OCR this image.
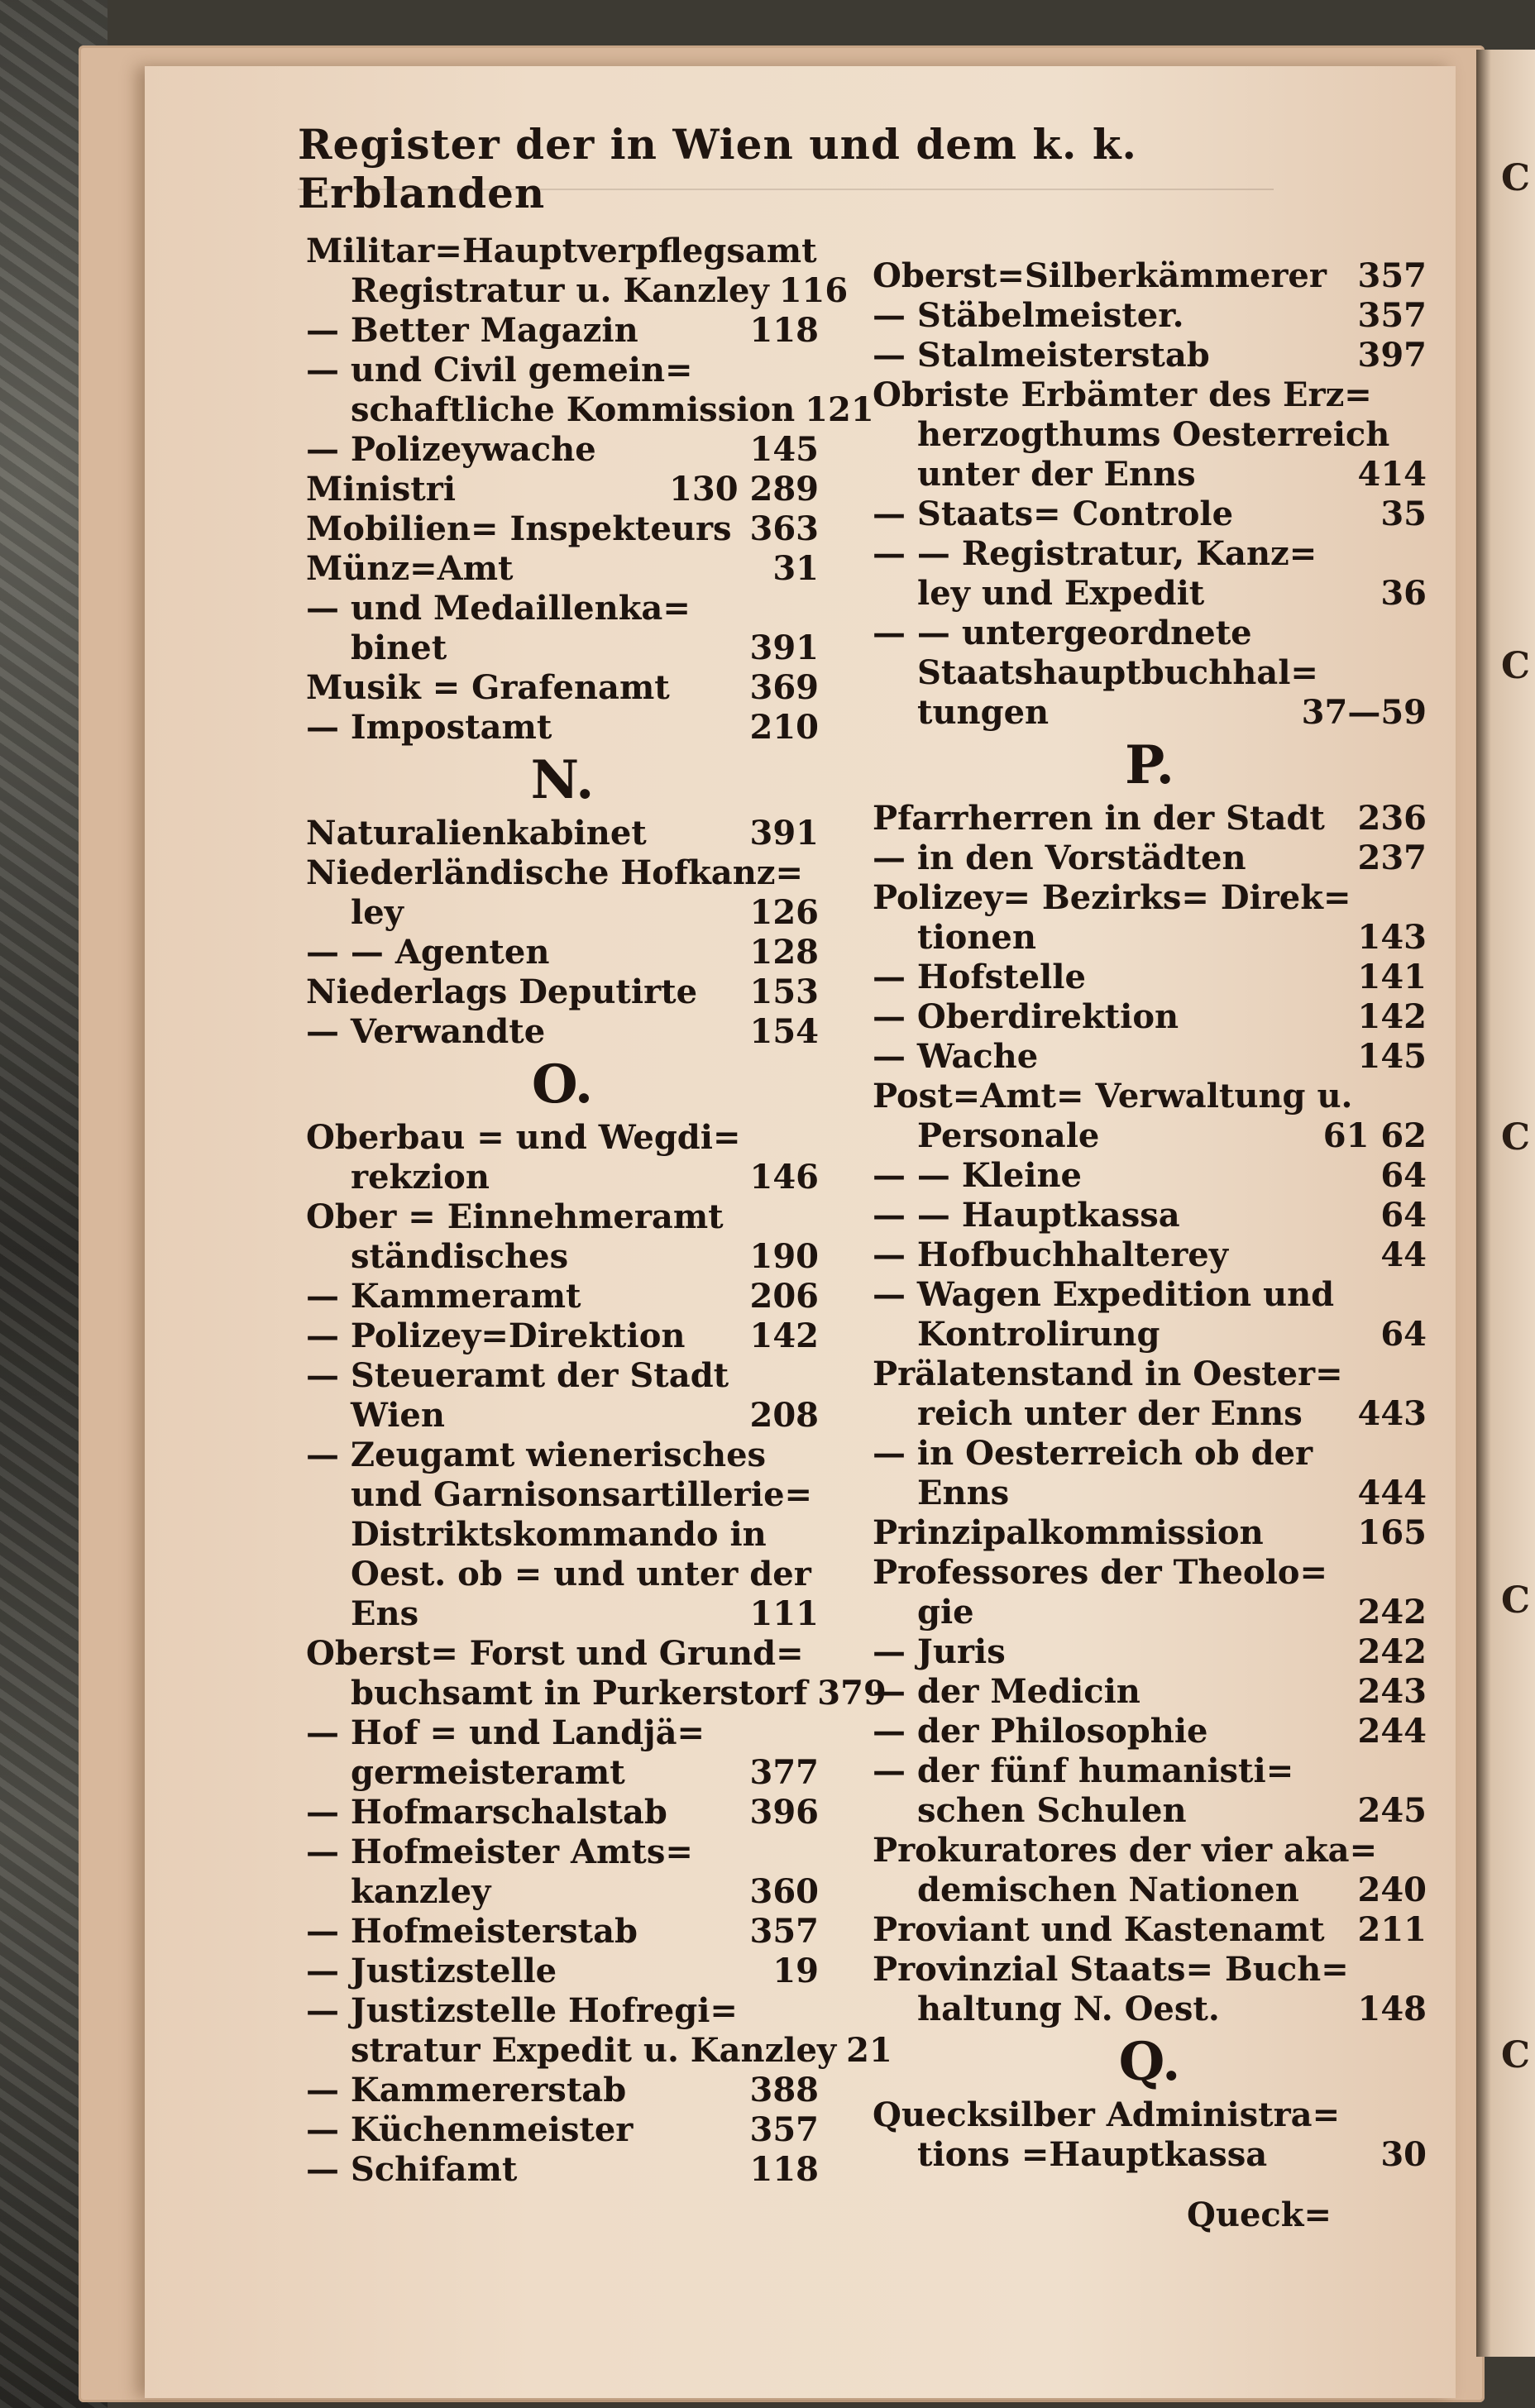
C
C
C
C
C
Register der in Wien und dem k. k. Erblanden
Militar=Hauptverpflegsamt
Registratur u. Kanzley 116
— Better Magazin	118
— und Civil gemein=
schaftliche Kommission 121
— Polizeywache	145
Ministri	130 289
Mobilien= Inspekteurs 363
Münz=Amt	31
— und Medaillenka=
binet	391
Musik = Grafenamt 369
— Impostamt	210
N.
Naturalienkabinet	391
Niederländische Hofkanz=
ley	126
— — Agenten	128
Niederlags Deputirte 153
— Verwandte	154
O.
Oberbau = und Wegdi=
rekzion	146
Ober = Einnehmeramt
ständisches	190
— Kammeramt	206
— Polizey=Direktion 142
— Steueramt der Stadt
Wien	208
— Zeugamt wienerisches
und Garnisonsartillerie=
Distriktskommando in
Oest. ob = und unter der
Ens	111
Oberst= Forst und Grund=
buchsamt in Purkerstorf 379
— Hof = und Landjä=
germeisteramt	377
— Hofmarschalstab 396
— Hofmeister Amts=
kanzley	360
— Hofmeisterstab	357
— Justizstelle	19
— Justizstelle Hofregi=
stratur Expedit u. Kanzley 21
— Kammererstab	388
— Küchenmeister	357
— Schifamt	118
Oberst=Silberkämmerer 357
— Stäbelmeister.	357
— Stalmeisterstab	397
Obriste Erbämter des Erz=
herzogthums Oesterreich
unter der Enns	414
— Staats= Controle	35
— — Registratur, Kanz=
ley und Expedit	36
— — untergeordnete
Staatshauptbuchhal=
tungen	37—59
P.
Pfarrherren in der Stadt 236
— in den Vorstädten	237
Polizey= Bezirks= Direk=
tionen	143
— Hofstelle	141
— Oberdirektion	142
— Wache	145
Post=Amt= Verwaltung u.
Personale	61 62
— — Kleine	64
— — Hauptkassa	64
— Hofbuchhalterey	44
— Wagen Expedition und
Kontrolirung	64
Prälatenstand in Oester=
reich unter der Enns 443
— in Oesterreich ob der
Enns	444
Prinzipalkommission	165
Professores der Theolo=
gie	242
— Juris	242
— der Medicin	243
— der Philosophie	244
— der fünf humanisti=
schen Schulen	245
Prokuratores der vier aka=
demischen Nationen 240
Proviant und Kastenamt 211
Provinzial Staats= Buch=
haltung N. Oest.	148
Q.
Quecksilber Administra=
tions =Hauptkassa	30
Queck=
